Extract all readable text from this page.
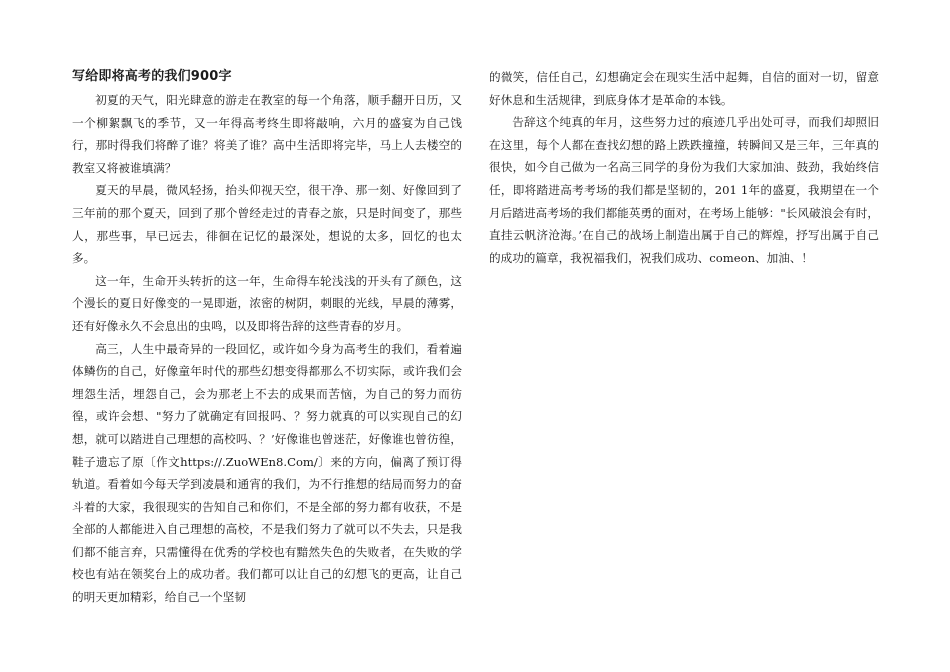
写给即将高考的我们900字

初夏的天气，阳光肆意的游走在教室的每一个角落，顺手翻开日历，又一个柳絮飘飞的季节，又一年得高考终生即将敲响，六月的盛宴为自己饯行，那时得我们将醉了谁？将美了谁？高中生活即将完毕，马上人去楼空的教室又将被谁填满？

夏天的早晨，微风轻扬，抬头仰视天空，很干净、那一刻、好像回到了三年前的那个夏天，回到了那个曾经走过的青春之旅，只是时间变了，那些人，那些事，早已远去，徘徊在记忆的最深处，想说的太多，回忆的也太多。

这一年，生命开头转折的这一年，生命得车轮浅浅的开头有了颜色，这个漫长的夏日好像变的一晃即逝，浓密的树阴，刺眼的光线，早晨的薄雾，还有好像永久不会息出的虫鸣，以及即将告辞的这些青春的岁月。

高三，人生中最奇异的一段回忆，或许如今身为高考生的我们，看着遍体鳞伤的自己，好像童年时代的那些幻想变得都那么不切实际，或许我们会埋怨生活，埋怨自己，会为那老上不去的成果而苦恼，为自己的努力而彷徨，或许会想、"努力了就确定有回报吗、？努力就真的可以实现自己的幻想，就可以踏进自己理想的高校吗、？’好像谁也曾迷茫，好像谁也曾彷徨，鞋子遗忘了原〔作文https://.ZuoWEn8.Com/〕来的方向，偏离了预订得轨道。看着如今每天学到凌晨和通宵的我们，为不行推想的结局而努力的奋斗着的大家，我很现实的告知自己和你们，不是全部的努力都有收获，不是全部的人都能进入自己理想的高校，不是我们努力了就可以不失去，只是我们都不能言弃，只需懂得在优秀的学校也有黯然失色的失败者，在失败的学校也有站在领奖台上的成功者。我们都可以让自己的幻想飞的更高，让自己的明天更加精彩，给自己一个坚韧

的微笑，信任自己，幻想确定会在现实生活中起舞，自信的面对一切，留意好休息和生活规律，到底身体才是革命的本钱。

告辞这个纯真的年月，这些努力过的痕迹几乎出处可寻，而我们却照旧在这里，每个人都在查找幻想的路上跌跌撞撞，转瞬间又是三年，三年真的很快，如今自己做为一名高三同学的身份为我们大家加油、鼓劲，我始终信任，即将踏进高考考场的我们都是坚韧的，201 1年的盛夏，我期望在一个月后踏进高考场的我们都能英勇的面对，在考场上能够："长风破浪会有时，直挂云帆济沧海。’在自己的战场上制造出属于自己的辉煌，抒写出属于自己的成功的篇章，我祝福我们，祝我们成功、comeon、加油、！
